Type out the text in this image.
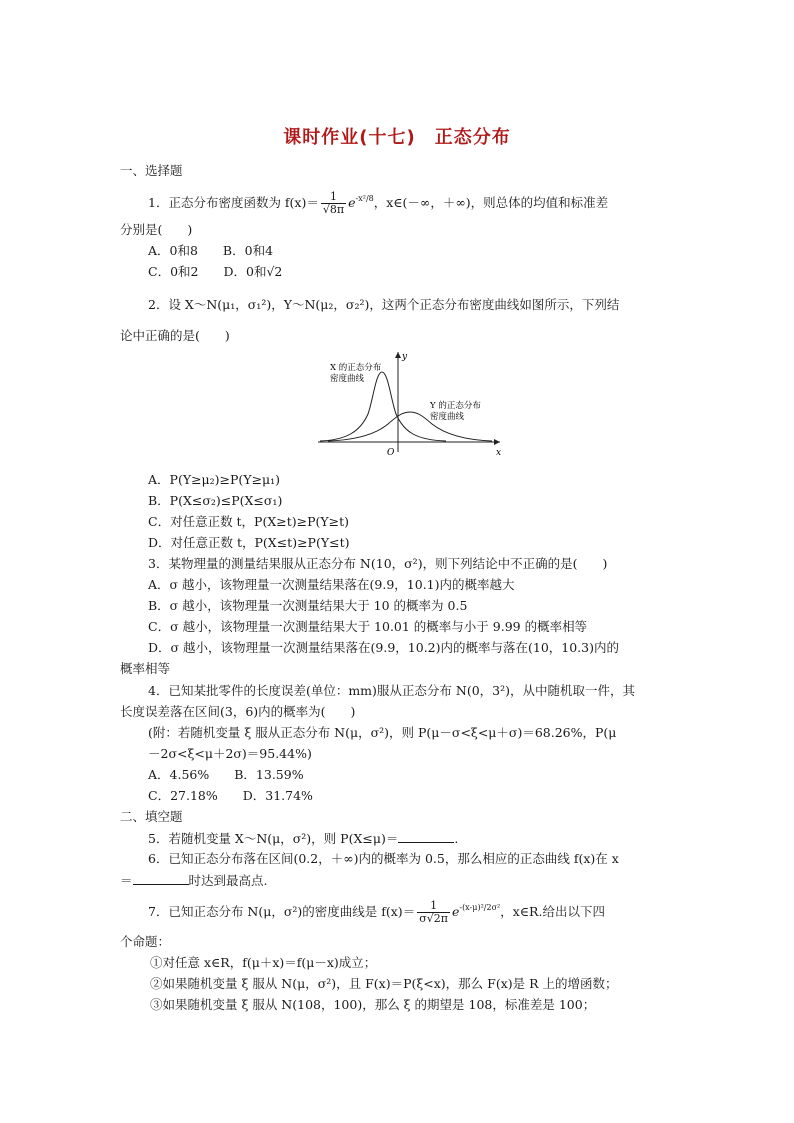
课时作业(十七)　正态分布
一、选择题
1．正态分布密度函数为 $f(x)= \frac{1}{√8\pi} e^{-x^2/8}$，x∈(－∞，＋∞)，则总体的均值和标准差
分别是(　　)
A．0和8　　B．0和4
C．0和2　　D．0和√2
2．设 X～N(μ₁，σ₁²)，Y～N(μ₂，σ₂²)，这两个正态分布密度曲线如图所示，下列结
论中正确的是(　　)
x
y
O
X 的正态分布
密度曲线
Y 的正态分布
密度曲线
A．P(Y≥μ₂)≥P(Y≥μ₁)
B．P(X≤σ₂)≤P(X≤σ₁)
C．对任意正数 t，P(X≥t)≥P(Y≥t)
D．对任意正数 t，P(X≤t)≥P(Y≤t)
3．某物理量的测量结果服从正态分布 N(10，σ²)，则下列结论中不正确的是(　　)
A．σ 越小，该物理量一次测量结果落在(9.9，10.1)内的概率越大
B．σ 越小，该物理量一次测量结果大于 10 的概率为 0.5
C．σ 越小，该物理量一次测量结果大于 10.01 的概率与小于 9.99 的概率相等
D．σ 越小，该物理量一次测量结果落在(9.9，10.2)内的概率与落在(10，10.3)内的
概率相等
4．已知某批零件的长度误差(单位：mm)服从正态分布 N(0，3²)，从中随机取一件，其
长度误差落在区间(3，6)内的概率为(　　)
(附：若随机变量 ξ 服从正态分布 N(μ，σ²)，则 P(μ－σ<ξ<μ＋σ)＝68.26%，P(μ
－2σ<ξ<μ＋2σ)＝95.44%)
A．4.56%　　B．13.59%
C．27.18%　　D．31.74%
二、填空题
5．若随机变量 X～N(μ，σ²)，则 P(X≤μ)＝	.
6．已知正态分布落在区间(0.2，＋∞)内的概率为 0.5，那么相应的正态曲线 f(x)在 x
＝	时达到最高点.
7．已知正态分布 N(μ，σ²)的密度曲线是 $f(x)= \frac{1}{\sigma√2\pi} e^{-(x-\mu)^2/2\sigma^2}$，x∈R.给出以下四
个命题：
①对任意 x∈R，f(μ＋x)＝f(μ－x)成立；
②如果随机变量 ξ 服从 N(μ，σ²)，且 F(x)＝P(ξ<x)，那么 F(x)是 R 上的增函数；
③如果随机变量 ξ 服从 N(108，100)，那么 ξ 的期望是 108，标准差是 100；
